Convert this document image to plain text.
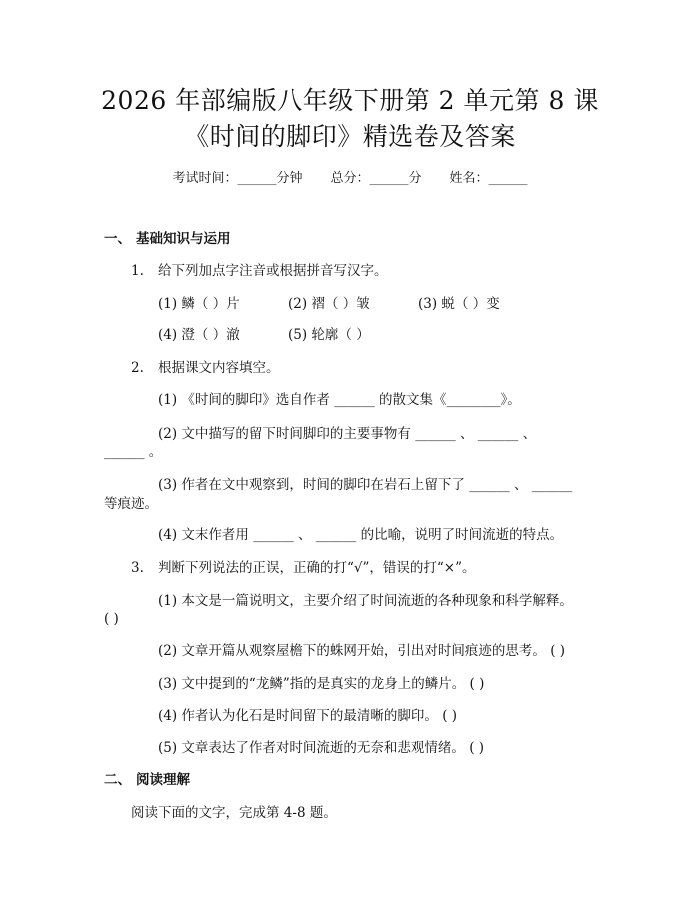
2026 年部编版八年级下册第 2 单元第 8 课
《时间的脚印》精选卷及答案
考试时间：______分钟 总分：______分 姓名：______
一、 基础知识与运用
1. 给下列加点字注音或根据拼音写汉字。
(1) 鳞（ ）片	(2) 褶（ ）皱	(3) 蜕（ ）变
(4) 澄（ ）澈	(5) 轮廓（ ）
2. 根据课文内容填空。
(1) 《时间的脚印》选自作者 ______ 的散文集《________》。
(2) 文中描写的留下时间脚印的主要事物有 ______ 、 ______ 、
______ 。
(3) 作者在文中观察到，时间的脚印在岩石上留下了 ______ 、 ______
等痕迹。
(4) 文末作者用 ______ 、 ______ 的比喻，说明了时间流逝的特点。
3. 判断下列说法的正误，正确的打“√”，错误的打“×”。
(1) 本文是一篇说明文，主要介绍了时间流逝的各种现象和科学解释。
( )
(2) 文章开篇从观察屋檐下的蛛网开始，引出对时间痕迹的思考。 ( )
(3) 文中提到的“龙鳞”指的是真实的龙身上的鳞片。 ( )
(4) 作者认为化石是时间留下的最清晰的脚印。 ( )
(5) 文章表达了作者对时间流逝的无奈和悲观情绪。 ( )
二、 阅读理解
阅读下面的文字，完成第 4-8 题。
